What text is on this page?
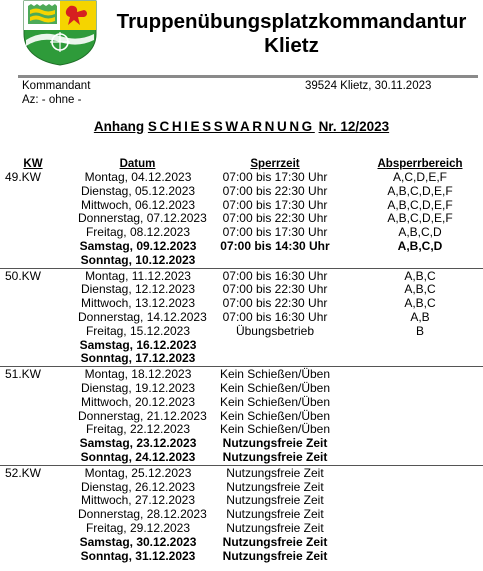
Truppenübungsplatzkommandantur
Klietz
Kommandant
Az: - ohne -
39524 Klietz, 30.11.2023
Anhang SCHIESSWARNUNG Nr. 12/2023
KW	Datum	Sperrzeit	Absperrbereich
49.KW	Montag, 04.12.2023	07:00 bis 17:30 Uhr	A,C,D,E,F
Dienstag, 05.12.2023	07:00 bis 22:30 Uhr	A,B,C,D,E,F
Mittwoch, 06.12.2023	07:00 bis 17:30 Uhr	A,B,C,D,E,F
Donnerstag, 07.12.2023	07:00 bis 22:30 Uhr	A,B,C,D,E,F
Freitag, 08.12.2023	07:00 bis 17:30 Uhr	A,B,C,D
Samstag, 09.12.2023	07:00 bis 14:30 Uhr	A,B,C,D
Sonntag, 10.12.2023
50.KW	Montag, 11.12.2023	07:00 bis 16:30 Uhr	A,B,C
Dienstag, 12.12.2023	07:00 bis 22:30 Uhr	A,B,C
Mittwoch, 13.12.2023	07:00 bis 22:30 Uhr	A,B,C
Donnerstag, 14.12.2023	07:00 bis 16:30 Uhr	A,B
Freitag, 15.12.2023	Übungsbetrieb	B
Samstag, 16.12.2023
Sonntag, 17.12.2023
51.KW	Montag, 18.12.2023	Kein Schießen/Üben
Dienstag, 19.12.2023	Kein Schießen/Üben
Mittwoch, 20.12.2023	Kein Schießen/Üben
Donnerstag, 21.12.2023	Kein Schießen/Üben
Freitag, 22.12.2023	Kein Schießen/Üben
Samstag, 23.12.2023	Nutzungsfreie Zeit
Sonntag, 24.12.2023	Nutzungsfreie Zeit
52.KW	Montag, 25.12.2023	Nutzungsfreie Zeit
Dienstag, 26.12.2023	Nutzungsfreie Zeit
Mittwoch, 27.12.2023	Nutzungsfreie Zeit
Donnerstag, 28.12.2023	Nutzungsfreie Zeit
Freitag, 29.12.2023	Nutzungsfreie Zeit
Samstag, 30.12.2023	Nutzungsfreie Zeit
Sonntag, 31.12.2023	Nutzungsfreie Zeit
